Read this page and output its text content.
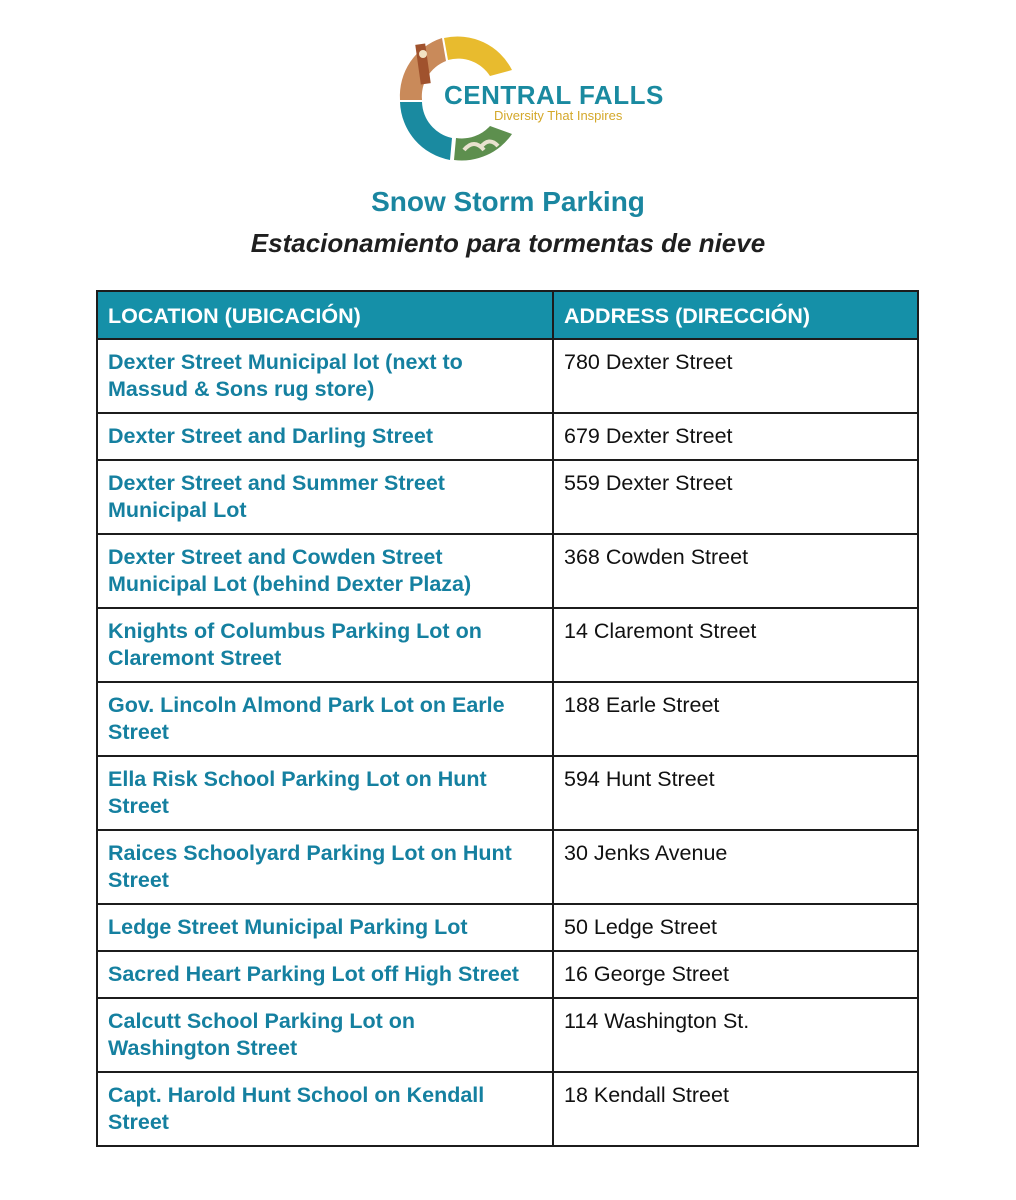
CENTRAL FALLS
Diversity That Inspires
Snow Storm Parking
Estacionamiento para tormentas de nieve
LOCATION (UBICACIÓN)	ADDRESS (DIRECCIÓN)
Dexter Street Municipal lot (next to Massud & Sons rug store)	780 Dexter Street
Dexter Street and Darling Street	679 Dexter Street
Dexter Street and Summer Street Municipal Lot	559 Dexter Street
Dexter Street and Cowden Street Municipal Lot (behind Dexter Plaza)	368 Cowden Street
Knights of Columbus Parking Lot on Claremont Street	14 Claremont Street
Gov. Lincoln Almond Park Lot on Earle Street	188 Earle Street
Ella Risk School Parking Lot on Hunt Street	594 Hunt Street
Raices Schoolyard Parking Lot on Hunt Street	30 Jenks Avenue
Ledge Street Municipal Parking Lot	50 Ledge Street
Sacred Heart Parking Lot off High Street	16 George Street
Calcutt School Parking Lot on Washington Street	114 Washington St.
Capt. Harold Hunt School on Kendall Street	18 Kendall Street
